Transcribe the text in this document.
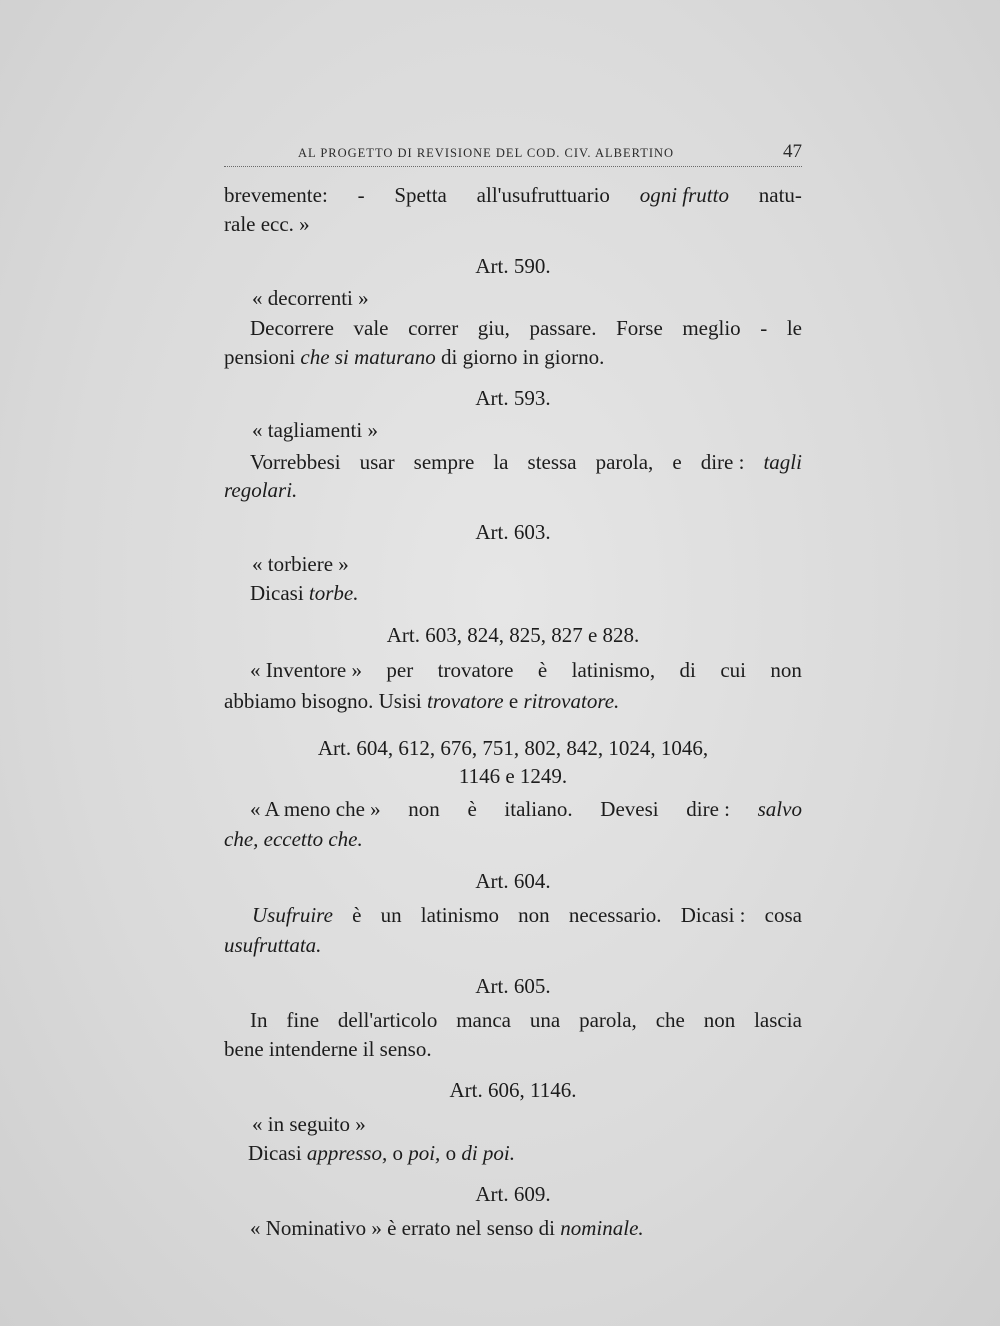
AL PROGETTO DI REVISIONE DEL COD. CIV. ALBERTINO	47
brevemente: - Spetta all'usufruttuario ogni frutto natu-
rale ecc. »
Art. 590.
« decorrenti »
Decorrere vale correr giu, passare. Forse meglio - le
pensioni che si maturano di giorno in giorno.
Art. 593.
« tagliamenti »
Vorrebbesi usar sempre la stessa parola, e dire : tagli
regolari.
Art. 603.
« torbiere »
Dicasi torbe.
Art. 603, 824, 825, 827 e 828.
« Inventore » per trovatore è latinismo, di cui non
abbiamo bisogno. Usisi trovatore e ritrovatore.
Art. 604, 612, 676, 751, 802, 842, 1024, 1046,
1146 e 1249.
« A meno che » non è italiano. Devesi dire : salvo
che, eccetto che.
Art. 604.
Usufruire è un latinismo non necessario. Dicasi : cosa
usufruttata.
Art. 605.
In fine dell'articolo manca una parola, che non lascia
bene intenderne il senso.
Art. 606, 1146.
« in seguito »
Dicasi appresso, o poi, o di poi.
Art. 609.
« Nominativo » è errato nel senso di nominale.
